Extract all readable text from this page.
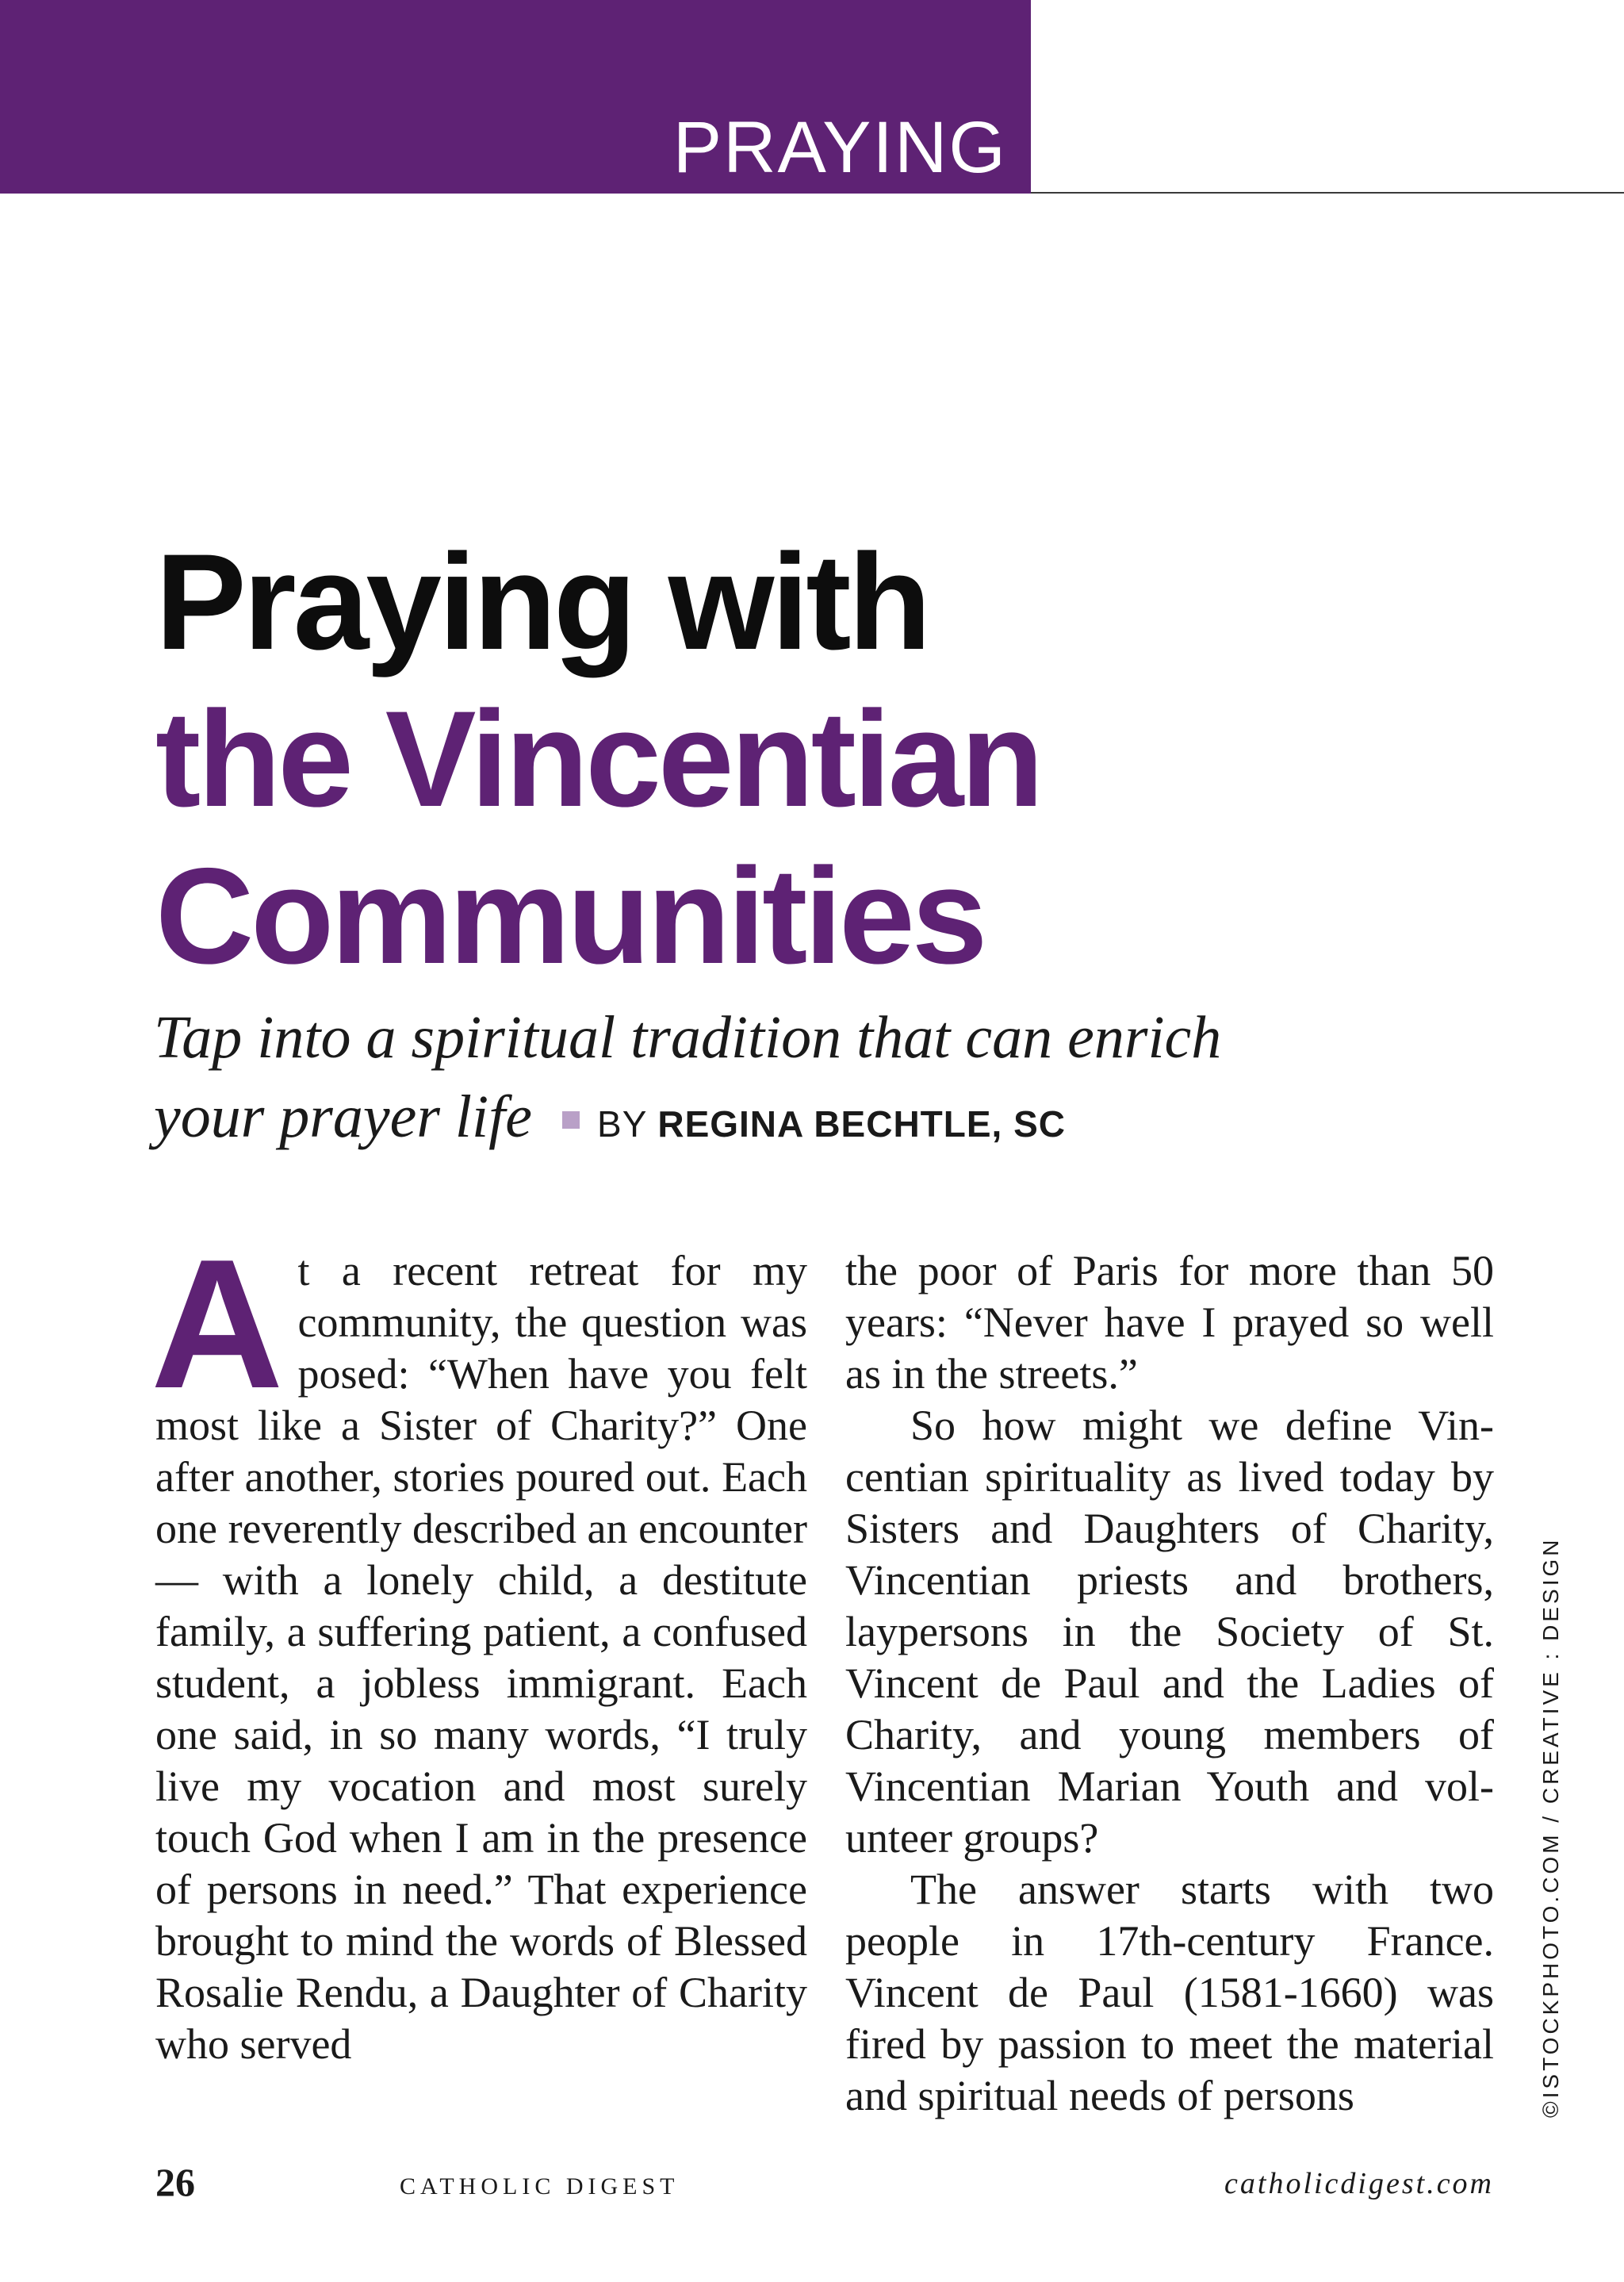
PRAYING
Praying with
the Vincentian
Communities

Tap into a spiritual tradition that can enrich
your prayer life BY REGINA BECHTLE, SC

At a recent retreat for my community, the question was posed: “When have you felt most like a Sister of Charity?” One after another, stories poured out. Each one reverently described an encounter — with a lonely child, a destitute family, a suffering patient, a confused student, a jobless immigrant. Each one said, in so many words, “I truly live my vocation and most surely touch God when I am in the presence of persons in need.” That experience brought to mind the words of Blessed Rosalie Rendu, a Daughter of Charity who served

the poor of Paris for more than 50 years: “Never have I prayed so well as in the streets.”

So how might we define Vincentian spirituality as lived today by Sisters and Daughters of Charity, Vincentian priests and brothers, laypersons in the Society of St. Vincent de Paul and the Ladies of Charity, and young members of Vincentian Marian Youth and volunteer groups?

The answer starts with two people in 17th-century France. Vincent de Paul (1581-1660) was fired by passion to meet the material and spiritual needs of persons

26	CATHOLIC DIGEST	catholicdigest.com
©ISTOCKPHOTO.COM / CREATIVE : DESIGN
